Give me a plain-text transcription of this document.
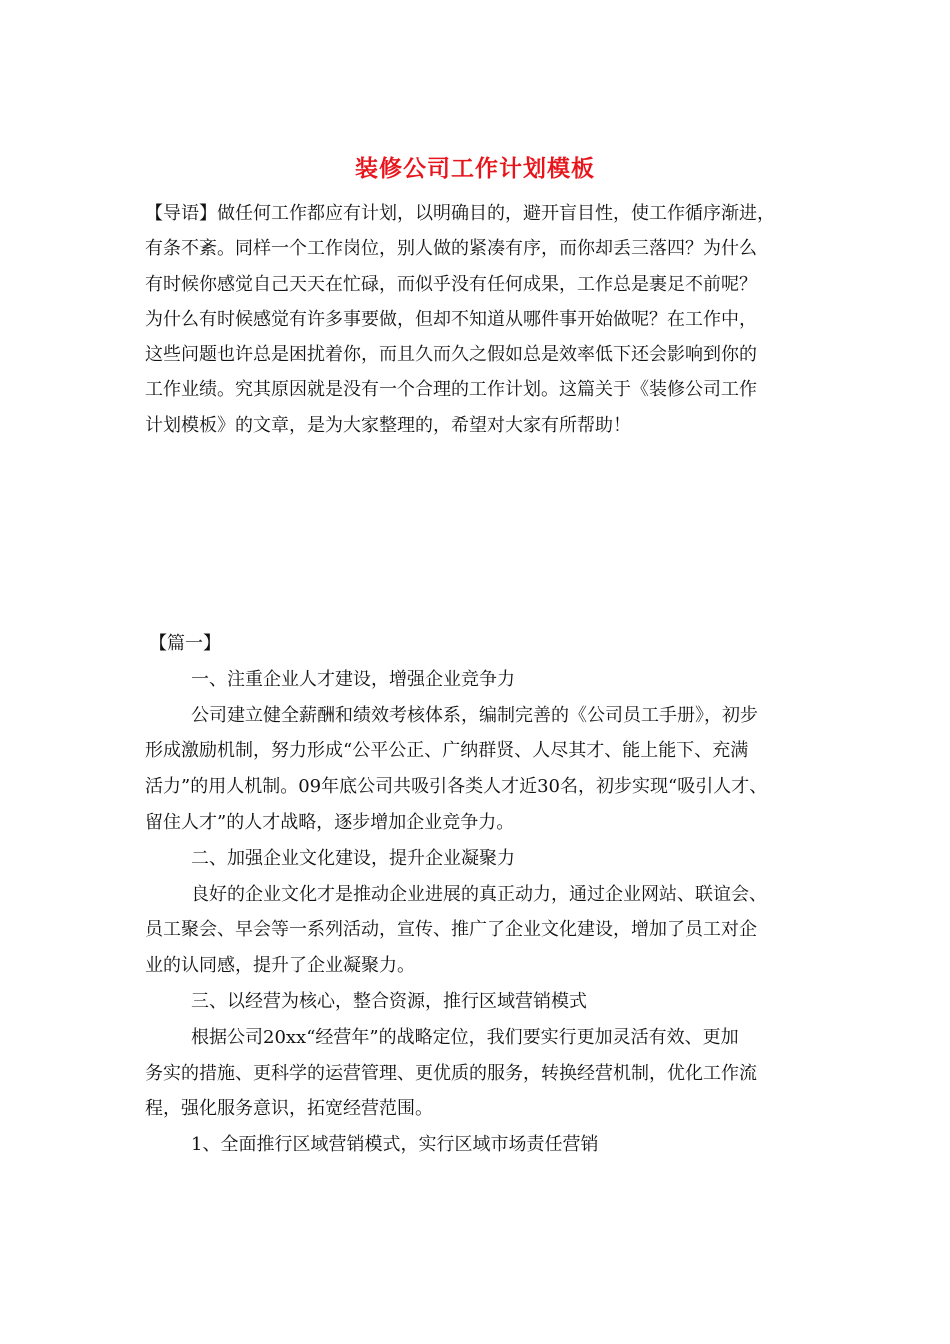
装修公司工作计划模板
【导语】做任何工作都应有计划，以明确目的，避开盲目性，使工作循序渐进，
有条不紊。同样一个工作岗位，别人做的紧凑有序，而你却丢三落四？为什么
有时候你感觉自己天天在忙碌，而似乎没有任何成果，工作总是裹足不前呢？
为什么有时候感觉有许多事要做，但却不知道从哪件事开始做呢？在工作中，
这些问题也许总是困扰着你，而且久而久之假如总是效率低下还会影响到你的
工作业绩。究其原因就是没有一个合理的工作计划。这篇关于《装修公司工作
计划模板》的文章，是为大家整理的，希望对大家有所帮助！
【篇一】
一、注重企业人才建设，增强企业竞争力
公司建立健全薪酬和绩效考核体系，编制完善的《公司员工手册》，初步
形成激励机制，努力形成“公平公正、广纳群贤、人尽其才、能上能下、充满
活力”的用人机制。09年底公司共吸引各类人才近30名，初步实现“吸引人才、
留住人才”的人才战略，逐步增加企业竞争力。
二、加强企业文化建设，提升企业凝聚力
良好的企业文化才是推动企业进展的真正动力，通过企业网站、联谊会、
员工聚会、早会等一系列活动，宣传、推广了企业文化建设，增加了员工对企
业的认同感，提升了企业凝聚力。
三、以经营为核心，整合资源，推行区域营销模式
根据公司20xx“经营年”的战略定位，我们要实行更加灵活有效、更加
务实的措施、更科学的运营管理、更优质的服务，转换经营机制，优化工作流
程，强化服务意识，拓宽经营范围。
1、全面推行区域营销模式，实行区域市场责任营销
